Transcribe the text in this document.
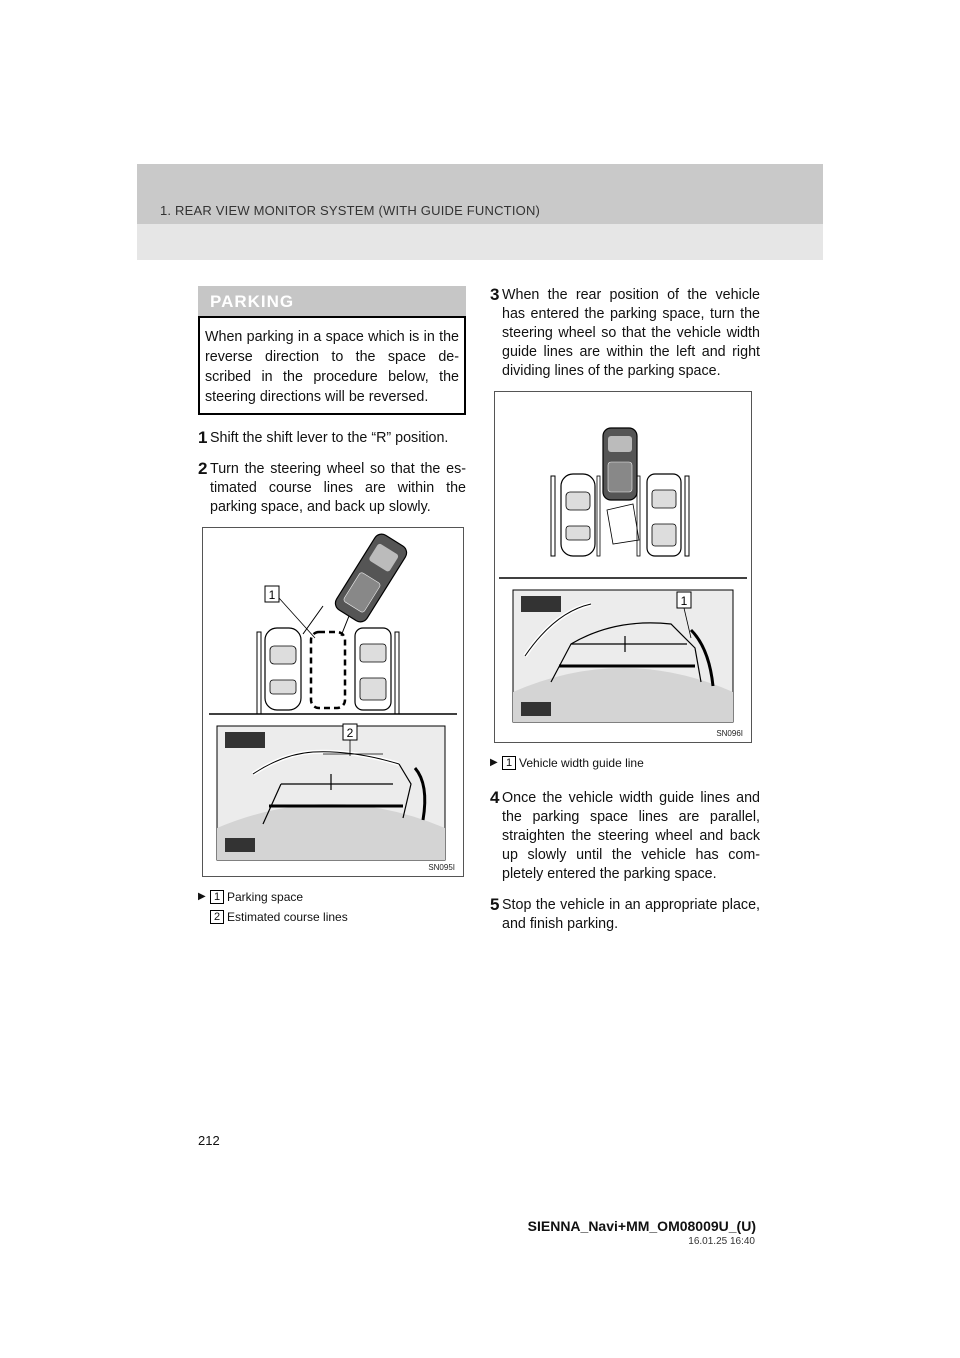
1. REAR VIEW MONITOR SYSTEM (WITH GUIDE FUNCTION)
PARKING
When parking in a space which is in the reverse direction to the space de-scribed in the procedure below, the steering directions will be reversed.
1 Shift the shift lever to the “R” position.
2 Turn the steering wheel so that the es-timated course lines are within the parking space, and back up slowly.
1
2
SN095I
▶ 1 Parking space
2 Estimated course lines
3 When the rear position of the vehicle has entered the parking space, turn the steering wheel so that the vehicle width guide lines are within the left and right dividing lines of the parking space.
1
SN096I
▶ 1 Vehicle width guide line
4 Once the vehicle width guide lines and the parking space lines are parallel, straighten the steering wheel and back up slowly until the vehicle has com-pletely entered the parking space.
5 Stop the vehicle in an appropriate place, and finish parking.
212
SIENNA_Navi+MM_OM08009U_(U)
16.01.25 16:40
